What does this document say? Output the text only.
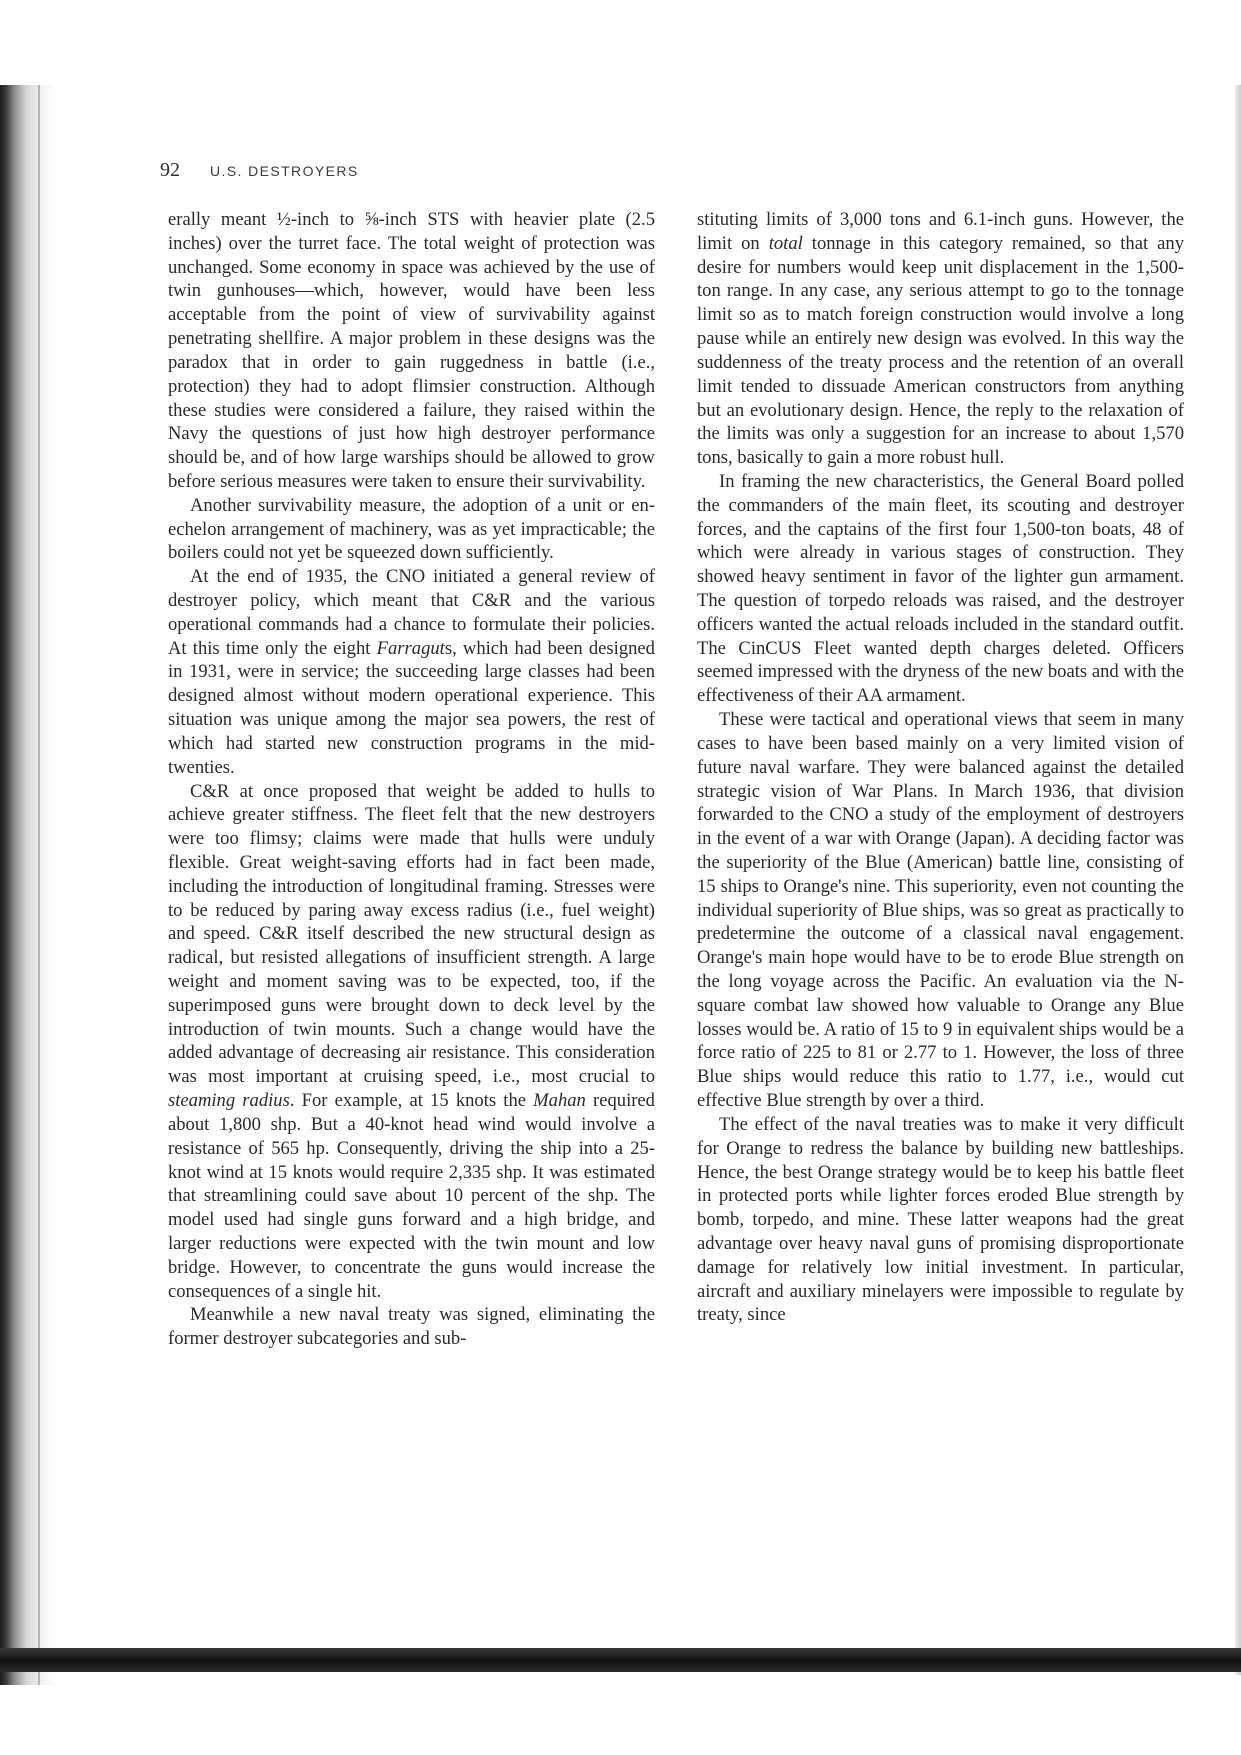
92 U.S. DESTROYERS

erally meant ½-inch to ⅝-inch STS with heavier plate (2.5 inches) over the turret face. The total weight of protection was unchanged. Some economy in space was achieved by the use of twin gunhouses—which, however, would have been less acceptable from the point of view of survivability against penetrating shellfire. A major problem in these designs was the paradox that in order to gain ruggedness in battle (i.e., protection) they had to adopt flimsier construction. Although these studies were considered a failure, they raised within the Navy the questions of just how high destroyer performance should be, and of how large warships should be allowed to grow before serious measures were taken to ensure their survivability.

Another survivability measure, the adoption of a unit or en-echelon arrangement of machinery, was as yet impracticable; the boilers could not yet be squeezed down sufficiently.

At the end of 1935, the CNO initiated a general review of destroyer policy, which meant that C&R and the various operational commands had a chance to formulate their policies. At this time only the eight Farraguts, which had been designed in 1931, were in service; the succeeding large classes had been designed almost without modern operational experience. This situation was unique among the major sea powers, the rest of which had started new construction programs in the mid-twenties.

C&R at once proposed that weight be added to hulls to achieve greater stiffness. The fleet felt that the new destroyers were too flimsy; claims were made that hulls were unduly flexible. Great weight-saving efforts had in fact been made, including the introduction of longitudinal framing. Stresses were to be reduced by paring away excess radius (i.e., fuel weight) and speed. C&R itself described the new structural design as radical, but resisted allegations of insufficient strength. A large weight and moment saving was to be expected, too, if the superimposed guns were brought down to deck level by the introduction of twin mounts. Such a change would have the added advantage of decreasing air resistance. This consideration was most important at cruising speed, i.e., most crucial to steaming radius. For example, at 15 knots the Mahan required about 1,800 shp. But a 40-knot head wind would involve a resistance of 565 hp. Consequently, driving the ship into a 25-knot wind at 15 knots would require 2,335 shp. It was estimated that streamlining could save about 10 percent of the shp. The model used had single guns forward and a high bridge, and larger reductions were expected with the twin mount and low bridge. However, to concentrate the guns would increase the consequences of a single hit.

Meanwhile a new naval treaty was signed, eliminating the former destroyer subcategories and sub-

stituting limits of 3,000 tons and 6.1-inch guns. However, the limit on total tonnage in this category remained, so that any desire for numbers would keep unit displacement in the 1,500-ton range. In any case, any serious attempt to go to the tonnage limit so as to match foreign construction would involve a long pause while an entirely new design was evolved. In this way the suddenness of the treaty process and the retention of an overall limit tended to dissuade American constructors from anything but an evolutionary design. Hence, the reply to the relaxation of the limits was only a suggestion for an increase to about 1,570 tons, basically to gain a more robust hull.

In framing the new characteristics, the General Board polled the commanders of the main fleet, its scouting and destroyer forces, and the captains of the first four 1,500-ton boats, 48 of which were already in various stages of construction. They showed heavy sentiment in favor of the lighter gun armament. The question of torpedo reloads was raised, and the destroyer officers wanted the actual reloads included in the standard outfit. The CinCUS Fleet wanted depth charges deleted. Officers seemed impressed with the dryness of the new boats and with the effectiveness of their AA armament.

These were tactical and operational views that seem in many cases to have been based mainly on a very limited vision of future naval warfare. They were balanced against the detailed strategic vision of War Plans. In March 1936, that division forwarded to the CNO a study of the employment of destroyers in the event of a war with Orange (Japan). A deciding factor was the superiority of the Blue (American) battle line, consisting of 15 ships to Orange's nine. This superiority, even not counting the individual superiority of Blue ships, was so great as practically to predetermine the outcome of a classical naval engagement. Orange's main hope would have to be to erode Blue strength on the long voyage across the Pacific. An evaluation via the N-square combat law showed how valuable to Orange any Blue losses would be. A ratio of 15 to 9 in equivalent ships would be a force ratio of 225 to 81 or 2.77 to 1. However, the loss of three Blue ships would reduce this ratio to 1.77, i.e., would cut effective Blue strength by over a third.

The effect of the naval treaties was to make it very difficult for Orange to redress the balance by building new battleships. Hence, the best Orange strategy would be to keep his battle fleet in protected ports while lighter forces eroded Blue strength by bomb, torpedo, and mine. These latter weapons had the great advantage over heavy naval guns of promising disproportionate damage for relatively low initial investment. In particular, aircraft and auxiliary minelayers were impossible to regulate by treaty, since
